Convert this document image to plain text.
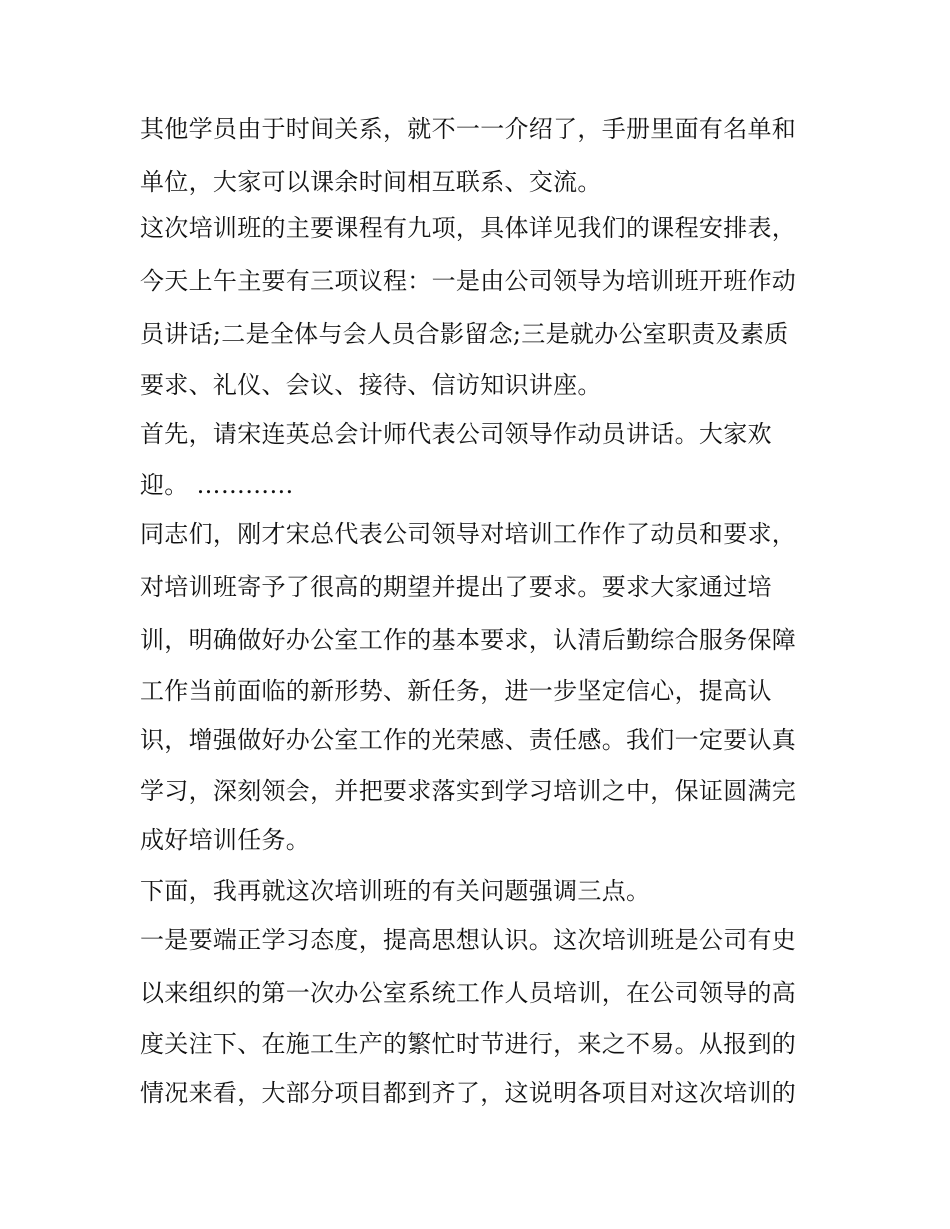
其他学员由于时间关系，就不一一介绍了，手册里面有名单和
单位，大家可以课余时间相互联系、交流。
这次培训班的主要课程有九项，具体详见我们的课程安排表，
今天上午主要有三项议程：一是由公司领导为培训班开班作动
员讲话;二是全体与会人员合影留念;三是就办公室职责及素质
要求、礼仪、会议、接待、信访知识讲座。
首先，请宋连英总会计师代表公司领导作动员讲话。大家欢
迎。 …………
同志们，刚才宋总代表公司领导对培训工作作了动员和要求，
对培训班寄予了很高的期望并提出了要求。要求大家通过培
训，明确做好办公室工作的基本要求，认清后勤综合服务保障
工作当前面临的新形势、新任务，进一步坚定信心，提高认
识，增强做好办公室工作的光荣感、责任感。我们一定要认真
学习，深刻领会，并把要求落实到学习培训之中，保证圆满完
成好培训任务。
下面，我再就这次培训班的有关问题强调三点。
一是要端正学习态度，提高思想认识。这次培训班是公司有史
以来组织的第一次办公室系统工作人员培训，在公司领导的高
度关注下、在施工生产的繁忙时节进行，来之不易。从报到的
情况来看，大部分项目都到齐了，这说明各项目对这次培训的
